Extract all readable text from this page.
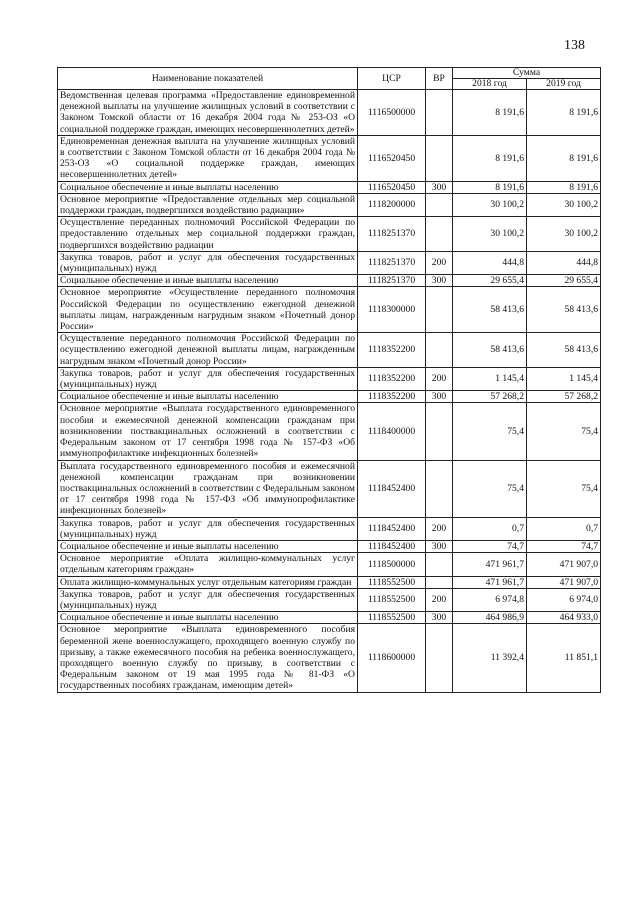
138
Наименование показателей	ЦСР	ВР	Сумма	
			2018 год	2019 год
Ведомственная целевая программа «Предоставление единовременной денежной выплаты на улучшение жилищных условий в соответствии с Законом Томской области от 16 декабря 2004 года № 253-ОЗ «О социальной поддержке граждан, имеющих несовершеннолетних детей»	1116500000		8 191,6	8 191,6
Единовременная денежная выплата на улучшение жилищных условий в соответствии с Законом Томской области от 16 декабря 2004 года № 253-ОЗ «О социальной поддержке граждан, имеющих несовершеннолетних детей»	1116520450		8 191,6	8 191,6
Социальное обеспечение и иные выплаты населению	1116520450	300	8 191,6	8 191,6
Основное мероприятие «Предоставление отдельных мер социальной поддержки граждан, подвергшихся воздействию радиации»	1118200000		30 100,2	30 100,2
Осуществление переданных полномочий Российской Федерации по предоставлению отдельных мер социальной поддержки граждан, подвергшихся воздействию радиации	1118251370		30 100,2	30 100,2
Закупка товаров, работ и услуг для обеспечения государственных (муниципальных) нужд	1118251370	200	444,8	444,8
Социальное обеспечение и иные выплаты населению	1118251370	300	29 655,4	29 655,4
Основное мероприятие «Осуществление переданного полномочия Российской Федерации по осуществлению ежегодной денежной выплаты лицам, награжденным нагрудным знаком «Почетный донор России»	1118300000		58 413,6	58 413,6
Осуществление переданного полномочия Российской Федерации по осуществлению ежегодной денежной выплаты лицам, награжденным нагрудным знаком «Почетный донор России»	1118352200		58 413,6	58 413,6
Закупка товаров, работ и услуг для обеспечения государственных (муниципальных) нужд	1118352200	200	1 145,4	1 145,4
Социальное обеспечение и иные выплаты населению	1118352200	300	57 268,2	57 268,2
Основное мероприятие «Выплата государственного единовременного пособия и ежемесячной денежной компенсации гражданам при возникновении поствакцинальных осложнений в соответствии с Федеральным законом от 17 сентября 1998 года № 157-ФЗ «Об иммунопрофилактике инфекционных болезней»	1118400000		75,4	75,4
Выплата государственного единовременного пособия и ежемесячной денежной компенсации гражданам при возникновении поствакцинальных осложнений в соответствии с Федеральным законом от 17 сентября 1998 года № 157-ФЗ «Об иммунопрофилактике инфекционных болезней»	1118452400		75,4	75,4
Закупка товаров, работ и услуг для обеспечения государственных (муниципальных) нужд	1118452400	200	0,7	0,7
Социальное обеспечение и иные выплаты населению	1118452400	300	74,7	74,7
Основное мероприятие «Оплата жилищно-коммунальных услуг отдельным категориям граждан»	1118500000		471 961,7	471 907,0
Оплата жилищно-коммунальных услуг отдельным категориям граждан	1118552500		471 961,7	471 907,0
Закупка товаров, работ и услуг для обеспечения государственных (муниципальных) нужд	1118552500	200	6 974,8	6 974,0
Социальное обеспечение и иные выплаты населению	1118552500	300	464 986,9	464 933,0
Основное мероприятие «Выплата единовременного пособия беременной жене военнослужащего, проходящего военную службу по призыву, а также ежемесячного пособия на ребенка военнослужащего, проходящего военную службу по призыву, в соответствии с Федеральным законом от 19 мая 1995 года № 81-ФЗ «О государственных пособиях гражданам, имеющим детей»	1118600000		11 392,4	11 851,1
